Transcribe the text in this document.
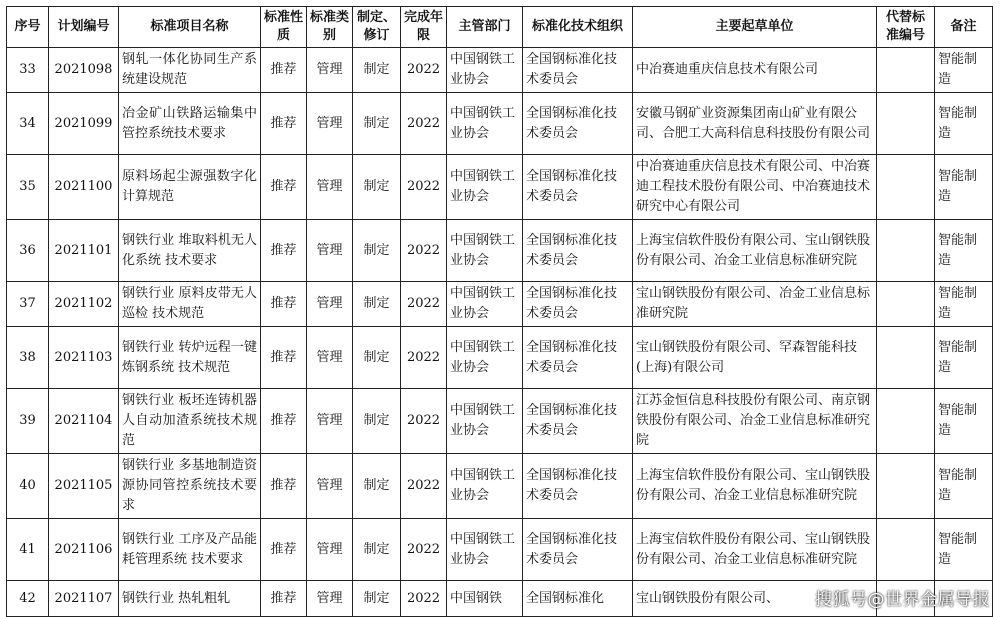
序号	计划编号	标准项目名称	标准性质	标准类别	制定、修订	完成年限	主管部门	标准化技术组织	主要起草单位	代替标准编号	备注
33	2021098	钢轧一体化协同生产系统建设规范	推荐	管理	制定	2022	中国钢铁工业协会	全国钢标准化技术委员会	中冶赛迪重庆信息技术有限公司		智能制造
34	2021099	冶金矿山铁路运输集中管控系统技术要求	推荐	管理	制定	2022	中国钢铁工业协会	全国钢标准化技术委员会	安徽马钢矿业资源集团南山矿业有限公司、合肥工大高科信息科技股份有限公司		智能制造
35	2021100	原料场起尘源强数字化计算规范	推荐	管理	制定	2022	中国钢铁工业协会	全国钢标准化技术委员会	中冶赛迪重庆信息技术有限公司、中冶赛迪工程技术股份有限公司、中冶赛迪技术研究中心有限公司		智能制造
36	2021101	钢铁行业 堆取料机无人化系统 技术要求	推荐	管理	制定	2022	中国钢铁工业协会	全国钢标准化技术委员会	上海宝信软件股份有限公司、宝山钢铁股份有限公司、冶金工业信息标准研究院		智能制造
37	2021102	钢铁行业 原料皮带无人巡检 技术规范	推荐	管理	制定	2022	中国钢铁工业协会	全国钢标准化技术委员会	宝山钢铁股份有限公司、冶金工业信息标准研究院		智能制造
38	2021103	钢铁行业 转炉远程一键炼钢系统 技术规范	推荐	管理	制定	2022	中国钢铁工业协会	全国钢标准化技术委员会	宝山钢铁股份有限公司、罕森智能科技(上海)有限公司		智能制造
39	2021104	钢铁行业 板坯连铸机器人自动加渣系统技术规范	推荐	管理	制定	2022	中国钢铁工业协会	全国钢标准化技术委员会	江苏金恒信息科技股份有限公司、南京钢铁股份有限公司、冶金工业信息标准研究院		智能制造
40	2021105	钢铁行业 多基地制造资源协同管控系统技术要求	推荐	管理	制定	2022	中国钢铁工业协会	全国钢标准化技术委员会	上海宝信软件股份有限公司、宝山钢铁股份有限公司、冶金工业信息标准研究院		智能制造
41	2021106	钢铁行业 工序及产品能耗管理系统 技术要求	推荐	管理	制定	2022	中国钢铁工业协会	全国钢标准化技术委员会	上海宝信软件股份有限公司、宝山钢铁股份有限公司、冶金工业信息标准研究院		智能制造
42	2021107	钢铁行业 热轧粗轧	推荐	管理	制定	2022	中国钢铁	全国钢标准化	宝山钢铁股份有限公司、		搜狐号@世界金属导报
